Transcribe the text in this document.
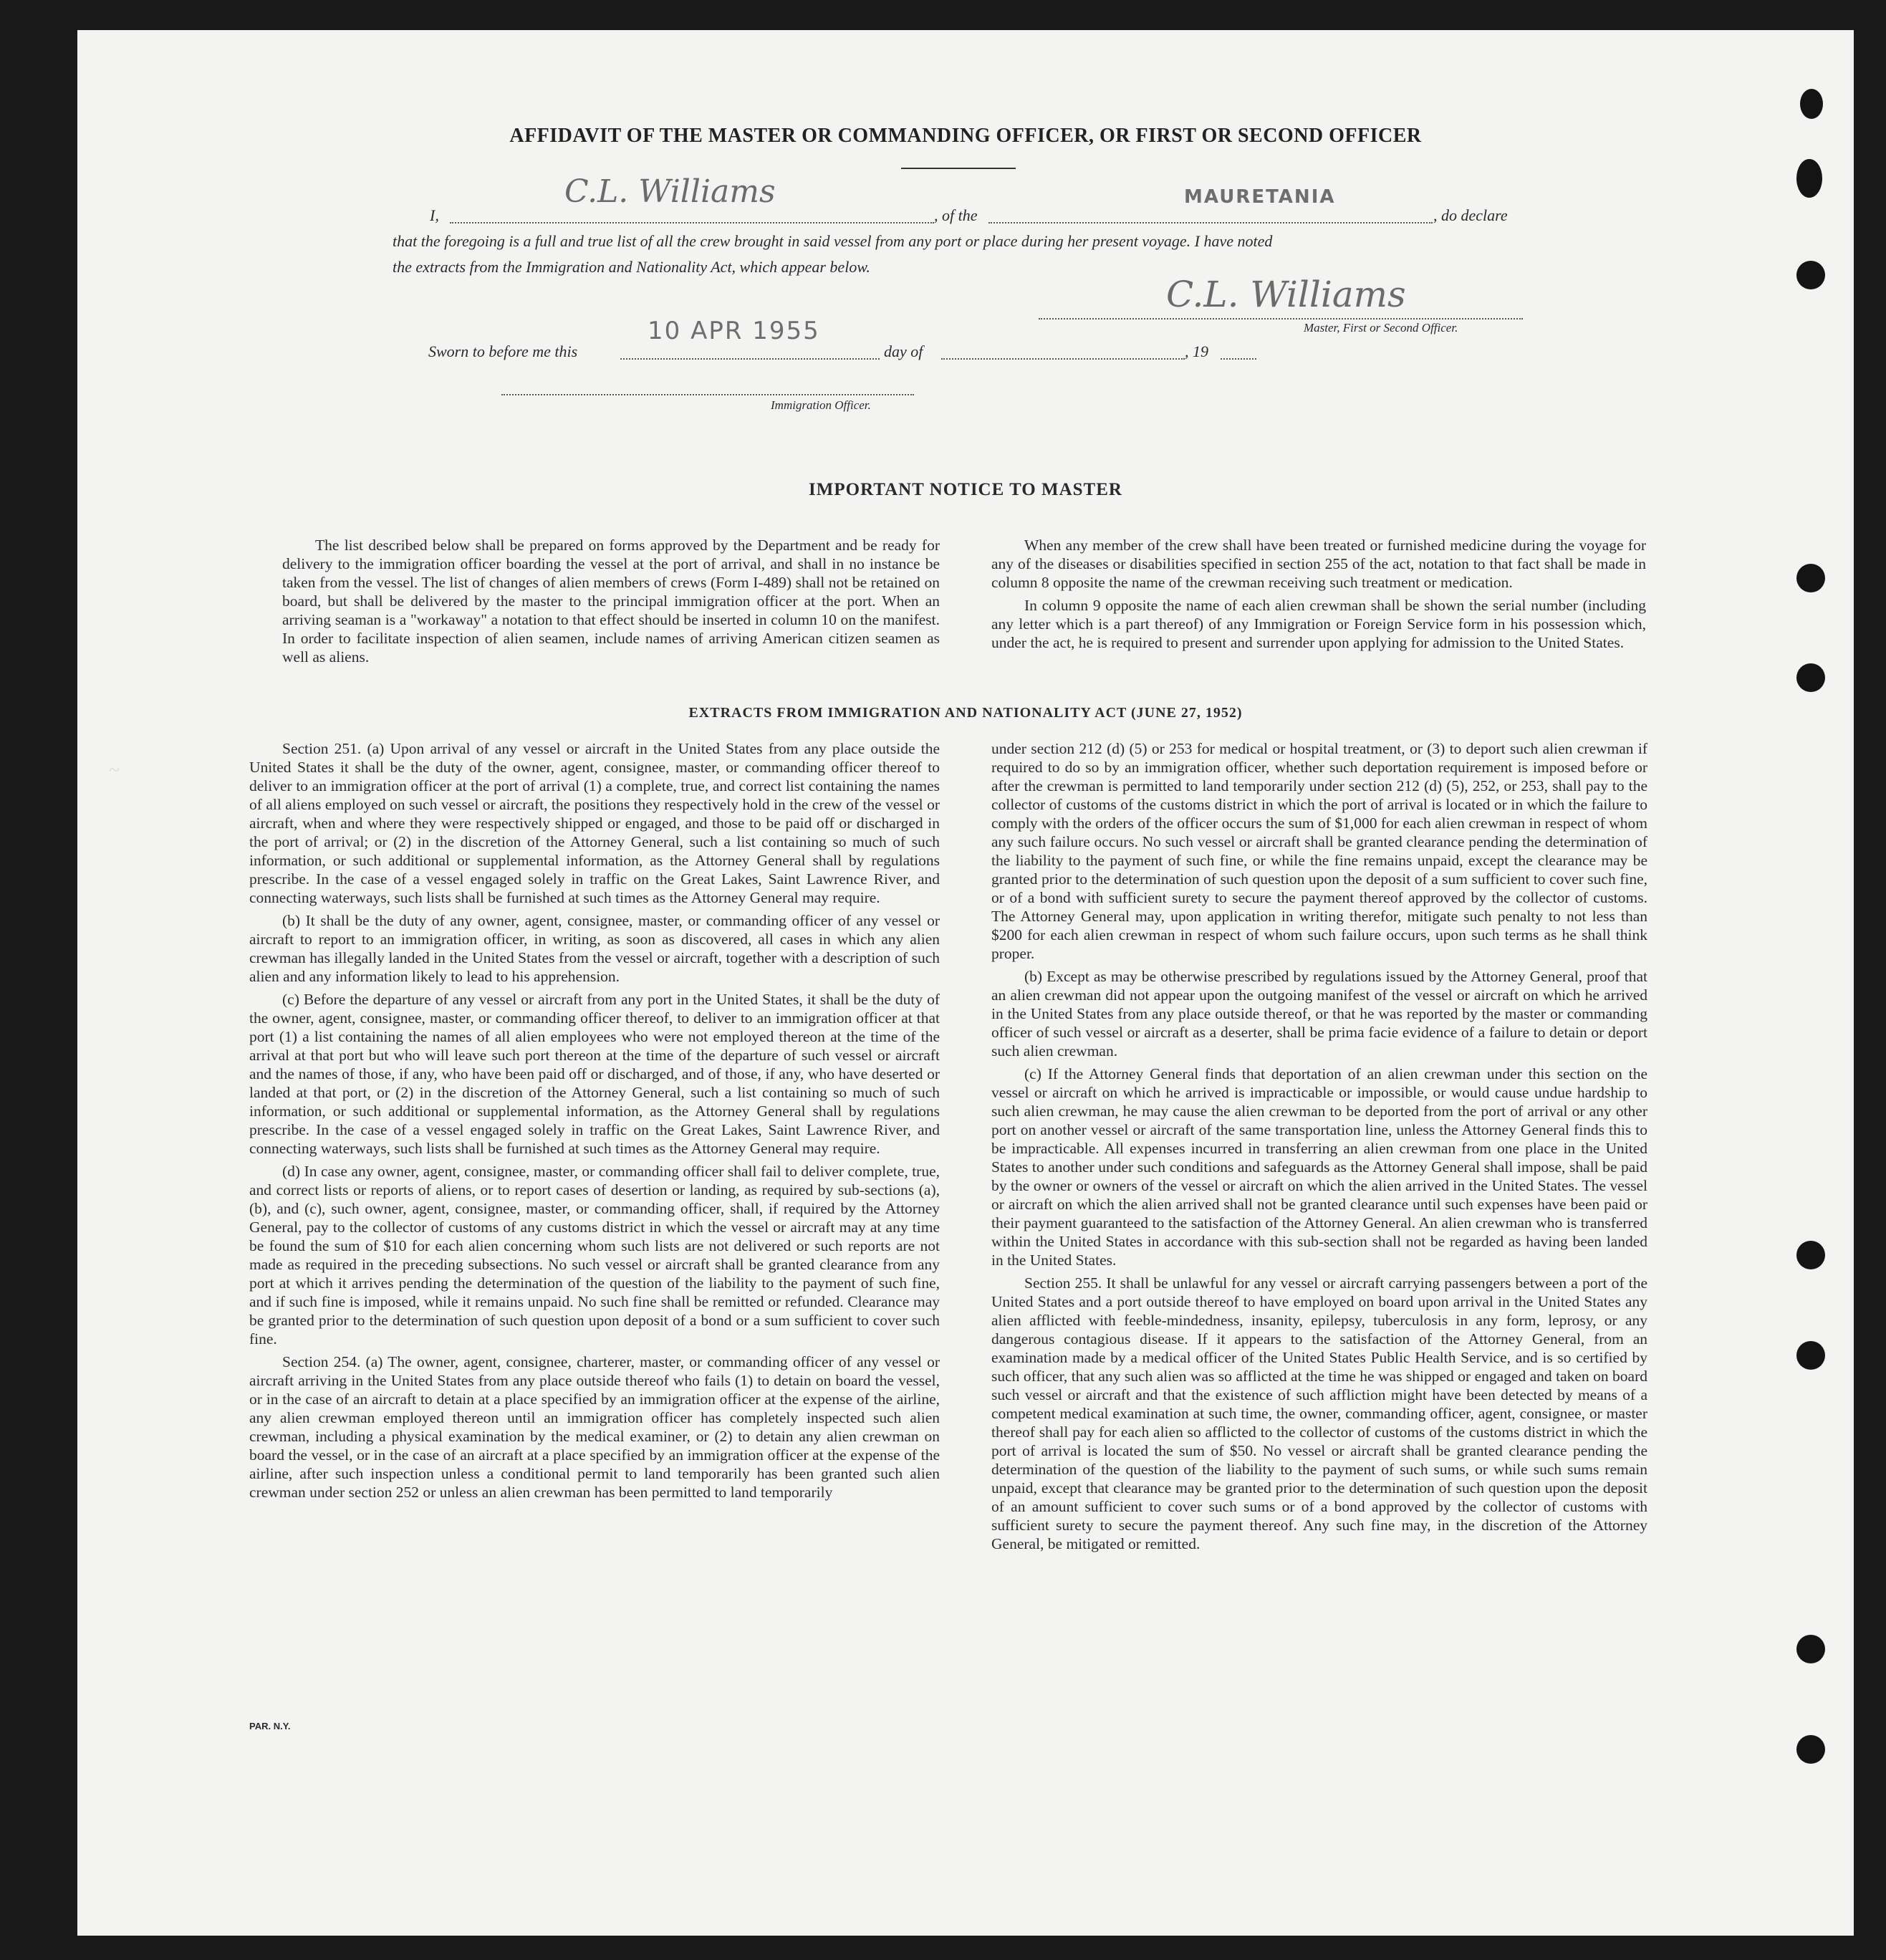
~
AFFIDAVIT OF THE MASTER OR COMMANDING OFFICER, OR FIRST OR SECOND OFFICER
I,
C.L. Williams
, of the
MAURETANIA
, do declare
that the foregoing is a full and true list of all the crew brought in said vessel from any port or place during her present voyage. I have noted
the extracts from the Immigration and Nationality Act, which appear below.
C.L. Williams
Master, First or Second Officer.
10 APR 1955
Sworn to before me this	day of	, 19
Immigration Officer.
IMPORTANT NOTICE TO MASTER

The list described below shall be prepared on forms approved by the Department and be ready for delivery to the immigration officer boarding the vessel at the port of arrival, and shall in no instance be taken from the vessel. The list of changes of alien members of crews (Form I-489) shall not be retained on board, but shall be delivered by the master to the principal immigration officer at the port. When an arriving seaman is a "workaway" a notation to that effect should be inserted in column 10 on the manifest. In order to facilitate inspection of alien seamen, include names of arriving American citizen seamen as well as aliens.

When any member of the crew shall have been treated or furnished medicine during the voyage for any of the diseases or disabilities specified in section 255 of the act, notation to that fact shall be made in column 8 opposite the name of the crewman receiving such treatment or medication.

In column 9 opposite the name of each alien crewman shall be shown the serial number (including any letter which is a part thereof) of any Immigration or Foreign Service form in his possession which, under the act, he is required to present and surrender upon applying for admission to the United States.

EXTRACTS FROM IMMIGRATION AND NATIONALITY ACT (JUNE 27, 1952)

Section 251. (a) Upon arrival of any vessel or aircraft in the United States from any place outside the United States it shall be the duty of the owner, agent, consignee, master, or commanding officer thereof to deliver to an immigration officer at the port of arrival (1) a complete, true, and correct list containing the names of all aliens employed on such vessel or aircraft, the positions they respectively hold in the crew of the vessel or aircraft, when and where they were respectively shipped or engaged, and those to be paid off or discharged in the port of arrival; or (2) in the discretion of the Attorney General, such a list containing so much of such information, or such additional or supplemental information, as the Attorney General shall by regulations prescribe. In the case of a vessel engaged solely in traffic on the Great Lakes, Saint Lawrence River, and connecting waterways, such lists shall be furnished at such times as the Attorney General may require.

(b) It shall be the duty of any owner, agent, consignee, master, or commanding officer of any vessel or aircraft to report to an immigration officer, in writing, as soon as discovered, all cases in which any alien crewman has illegally landed in the United States from the vessel or aircraft, together with a description of such alien and any information likely to lead to his apprehension.

(c) Before the departure of any vessel or aircraft from any port in the United States, it shall be the duty of the owner, agent, consignee, master, or commanding officer thereof, to deliver to an immigration officer at that port (1) a list containing the names of all alien employees who were not employed thereon at the time of the arrival at that port but who will leave such port thereon at the time of the departure of such vessel or aircraft and the names of those, if any, who have been paid off or discharged, and of those, if any, who have deserted or landed at that port, or (2) in the discretion of the Attorney General, such a list containing so much of such information, or such additional or supplemental information, as the Attorney General shall by regulations prescribe. In the case of a vessel engaged solely in traffic on the Great Lakes, Saint Lawrence River, and connecting waterways, such lists shall be furnished at such times as the Attorney General may require.

(d) In case any owner, agent, consignee, master, or commanding officer shall fail to deliver complete, true, and correct lists or reports of aliens, or to report cases of desertion or landing, as required by sub-sections (a), (b), and (c), such owner, agent, consignee, master, or commanding officer, shall, if required by the Attorney General, pay to the collector of customs of any customs district in which the vessel or aircraft may at any time be found the sum of $10 for each alien concerning whom such lists are not delivered or such reports are not made as required in the preceding subsections. No such vessel or aircraft shall be granted clearance from any port at which it arrives pending the determination of the question of the liability to the payment of such fine, and if such fine is imposed, while it remains unpaid. No such fine shall be remitted or refunded. Clearance may be granted prior to the determination of such question upon deposit of a bond or a sum sufficient to cover such fine.

Section 254. (a) The owner, agent, consignee, charterer, master, or commanding officer of any vessel or aircraft arriving in the United States from any place outside thereof who fails (1) to detain on board the vessel, or in the case of an aircraft to detain at a place specified by an immigration officer at the expense of the airline, any alien crewman employed thereon until an immigration officer has completely inspected such alien crewman, including a physical examination by the medical examiner, or (2) to detain any alien crewman on board the vessel, or in the case of an aircraft at a place specified by an immigration officer at the expense of the airline, after such inspection unless a conditional permit to land temporarily has been granted such alien crewman under section 252 or unless an alien crewman has been permitted to land temporarily

under section 212 (d) (5) or 253 for medical or hospital treatment, or (3) to deport such alien crewman if required to do so by an immigration officer, whether such deportation requirement is imposed before or after the crewman is permitted to land temporarily under section 212 (d) (5), 252, or 253, shall pay to the collector of customs of the customs district in which the port of arrival is located or in which the failure to comply with the orders of the officer occurs the sum of $1,000 for each alien crewman in respect of whom any such failure occurs. No such vessel or aircraft shall be granted clearance pending the determination of the liability to the payment of such fine, or while the fine remains unpaid, except the clearance may be granted prior to the determination of such question upon the deposit of a sum sufficient to cover such fine, or of a bond with sufficient surety to secure the payment thereof approved by the collector of customs. The Attorney General may, upon application in writing therefor, mitigate such penalty to not less than $200 for each alien crewman in respect of whom such failure occurs, upon such terms as he shall think proper.

(b) Except as may be otherwise prescribed by regulations issued by the Attorney General, proof that an alien crewman did not appear upon the outgoing manifest of the vessel or aircraft on which he arrived in the United States from any place outside thereof, or that he was reported by the master or commanding officer of such vessel or aircraft as a deserter, shall be prima facie evidence of a failure to detain or deport such alien crewman.

(c) If the Attorney General finds that deportation of an alien crewman under this section on the vessel or aircraft on which he arrived is impracticable or impossible, or would cause undue hardship to such alien crewman, he may cause the alien crewman to be deported from the port of arrival or any other port on another vessel or aircraft of the same transportation line, unless the Attorney General finds this to be impracticable. All expenses incurred in transferring an alien crewman from one place in the United States to another under such conditions and safeguards as the Attorney General shall impose, shall be paid by the owner or owners of the vessel or aircraft on which the alien arrived in the United States. The vessel or aircraft on which the alien arrived shall not be granted clearance until such expenses have been paid or their payment guaranteed to the satisfaction of the Attorney General. An alien crewman who is transferred within the United States in accordance with this sub-section shall not be regarded as having been landed in the United States.

Section 255. It shall be unlawful for any vessel or aircraft carrying passengers between a port of the United States and a port outside thereof to have employed on board upon arrival in the United States any alien afflicted with feeble-mindedness, insanity, epilepsy, tuberculosis in any form, leprosy, or any dangerous contagious disease. If it appears to the satisfaction of the Attorney General, from an examination made by a medical officer of the United States Public Health Service, and is so certified by such officer, that any such alien was so afflicted at the time he was shipped or engaged and taken on board such vessel or aircraft and that the existence of such affliction might have been detected by means of a competent medical examination at such time, the owner, commanding officer, agent, consignee, or master thereof shall pay for each alien so afflicted to the collector of customs of the customs district in which the port of arrival is located the sum of $50. No vessel or aircraft shall be granted clearance pending the determination of the question of the liability to the payment of such sums, or while such sums remain unpaid, except that clearance may be granted prior to the determination of such question upon the deposit of an amount sufficient to cover such sums or of a bond approved by the collector of customs with sufficient surety to secure the payment thereof. Any such fine may, in the discretion of the Attorney General, be mitigated or remitted.

PAR. N.Y.
